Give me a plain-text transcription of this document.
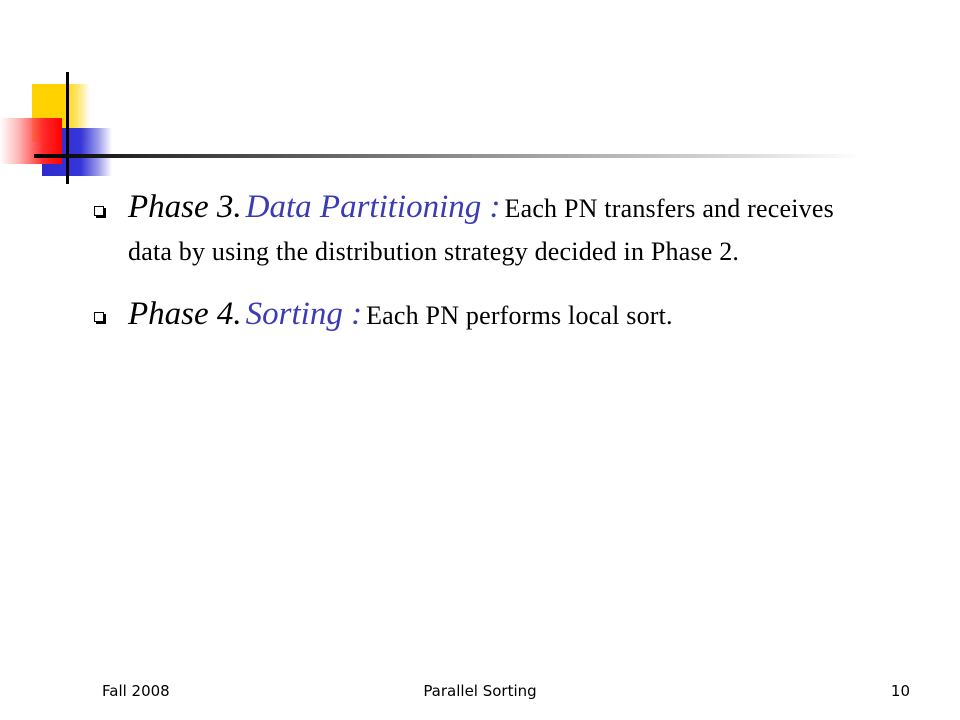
Phase 3. Data Partitioning : Each PN transfers and receives data by using the distribution strategy decided in Phase 2.
Phase 4. Sorting : Each PN performs local sort.
Fall 2008	Parallel Sorting	10
